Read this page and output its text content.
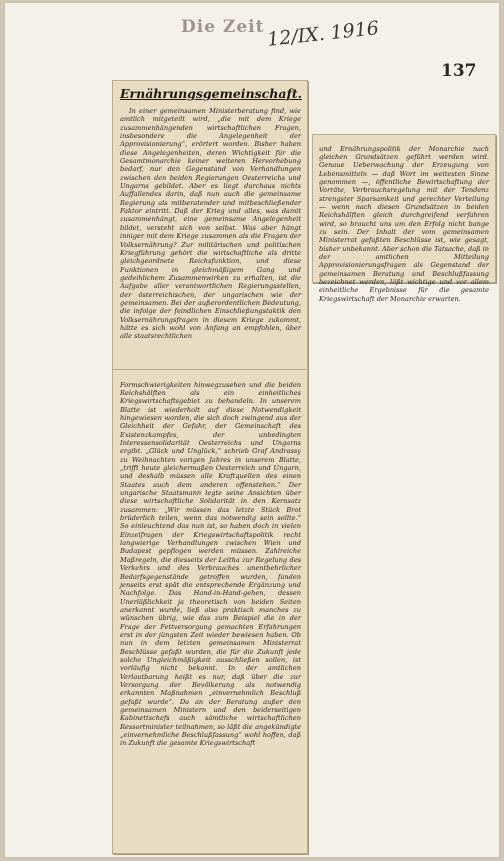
Die Zeit 12/IX. 1916
137
Ernährungsgemeinschaft.

In einer gemeinsamen Ministerberatung find, wie amtlich mitgeteilt wird, „die mit dem Kriege zusammenhängenden wirtschaftlichen Fragen, insbesondere die Angelegenheit der Approvisionierung“, erörtert worden. Bisher haben diese Angelegenheiten, deren Wichtigkeit für die Gesamtmonarchie keiner weiteren Hervorhebung bedarf, nur den Gegenstand von Verhandlungen zwischen den beiden Regierungen Oesterreichs und Ungarns gebildet. Aber es liegt durchaus nichts Auffallendes darin, daß nun auch die gemeinsame Regierung als mitberatender und mitbeschließender Faktor eintritt. Daß der Krieg und alles, was damit zusammenhängt, eine gemeinsame Angelegenheit bildet, versteht sich von selbst. Was aber hängt inniger mit dem Kriege zusammen als die Fragen der Volksernährung? Zur militärischen und politischen Kriegführung gehört die wirtschaftliche als dritte gleichgeordnete Reichsfunktion, und diese Funktionen in gleichmäßigem Gang und gedeihlichem Zusammenwirken zu erhalten, ist die Aufgabe aller verantwortlichen Regierungsstellen, der österreichischen, der ungarischen wie der gemeinsamen. Bei der außerordentlichen Bedeutung, die infolge der feindlichen Einschließungstaktik den Volksernährungsfragen in diesem Kriege zukommt, hätte es sich wohl von Anfang an empfohlen, über alle staatsrechtlichen

und Ernährungspolitik der Monarchie nach gleichen Grundsätzen geführt werden wird. Genaue Ueberwachung der Erzeugung von Lebensmitteln — daß Wort im weitesten Sinne genommen —, öffentliche Bewirtschaftung der Vorräte, Verbrauchsregelung mit der Tendenz strengster Sparsamkeit und gerechter Verteilung — wenn nach diesen Grundsätzen in beiden Reichshälften gleich durchgreifend verfahren wird, so braucht uns um den Erfolg nicht bange zu sein. Der Inhalt der vom gemeinsamen Ministerrat gefaßten Beschlüsse ist, wie gesagt, bisher unbekannt. Aber schon die Tatsache, daß in der amtlichen Mitteilung Approvisionierungsfragen als Gegenstand der gemeinsamen Beratung und Beschlußfassung bezeichnet werden, läßt wichtige und vor allem einheitliche Ergebnisse für die gesamte Kriegswirtschaft der Monarchie erwarten.

Formschwierigkeiten hinwegzusehen und die beiden Reichshälften als ein einheitliches Kriegswirtschaftsgebiet zu behandeln. In unserem Blatte ist wiederholt auf diese Notwendigkeit hingewiesen worden, die sich doch zwingend aus der Gleichheit der Gefahr, der Gemeinschaft des Existenzkampfes, der unbedingten Interessensolidarität Oesterreichs und Ungarns ergibt. „Glück und Unglück,“ schrieb Graf Andrassy zu Weihnachten vorigen Jahres in unserem Blatte, „trifft heute gleichermaßen Oesterreich und Ungarn, und deshalb müssen alle Kraftquellen des einen Staates auch dem anderen offenstehen.“ Der ungarische Staatsmann legte seine Ansichten über diese wirtschaftliche Solidarität in den Kernsatz zusammen: „Wir müssen das letzte Stück Brot brüderlich teilen, wenn das notwendig sein sollte.“ So einleuchtend das nun ist, so haben doch in vielen Einzelfragen der Kriegswirtschaftspolitik recht langwierige Verhandlungen zwischen Wien und Budapest gepflogen werden müssen. Zahlreiche Maßregeln, die diesseits der Leitha zur Regelung des Verkehrs und des Verbrauches unentbehrlicher Bedarfsgegenstände getroffen wurden, fanden jenseits erst spät die entsprechende Ergänzung und Nachfolge. Das Hand-in-Hand-gehen, dessen Unerläßlichkeit ja theoretisch von beiden Seiten anerkannt wurde, ließ also praktisch manches zu wünschen übrig, wie das zum Beispiel die in der Frage der Fettversorgung gemachten Erfahrungen erst in der jüngsten Zeit wieder bewiesen haben. Ob nun in dem letzten gemeinsamen Ministerrat Beschlüsse gefaßt wurden, die für die Zukunft jede solche Ungleichmäßigkeit ausschließen sollen, ist vorläufig nicht bekannt. In der amtlichen Verlautbarung heißt es nur, daß über die zur Versorgung der Bevölkerung als notwendig erkannten Maßnahmen „einvernehmlich Beschluß gefaßt wurde“. Da an der Beratung außer den gemeinsamen Ministern und den beiderseitigen Kabinettschefs auch sämtliche wirtschaftlichen Ressortminister teilnahmen, so läßt die angekündigte „einvernehmliche Beschlußfassung“ wohl hoffen, daß in Zukunft die gesamte Kriegswirtschaft
